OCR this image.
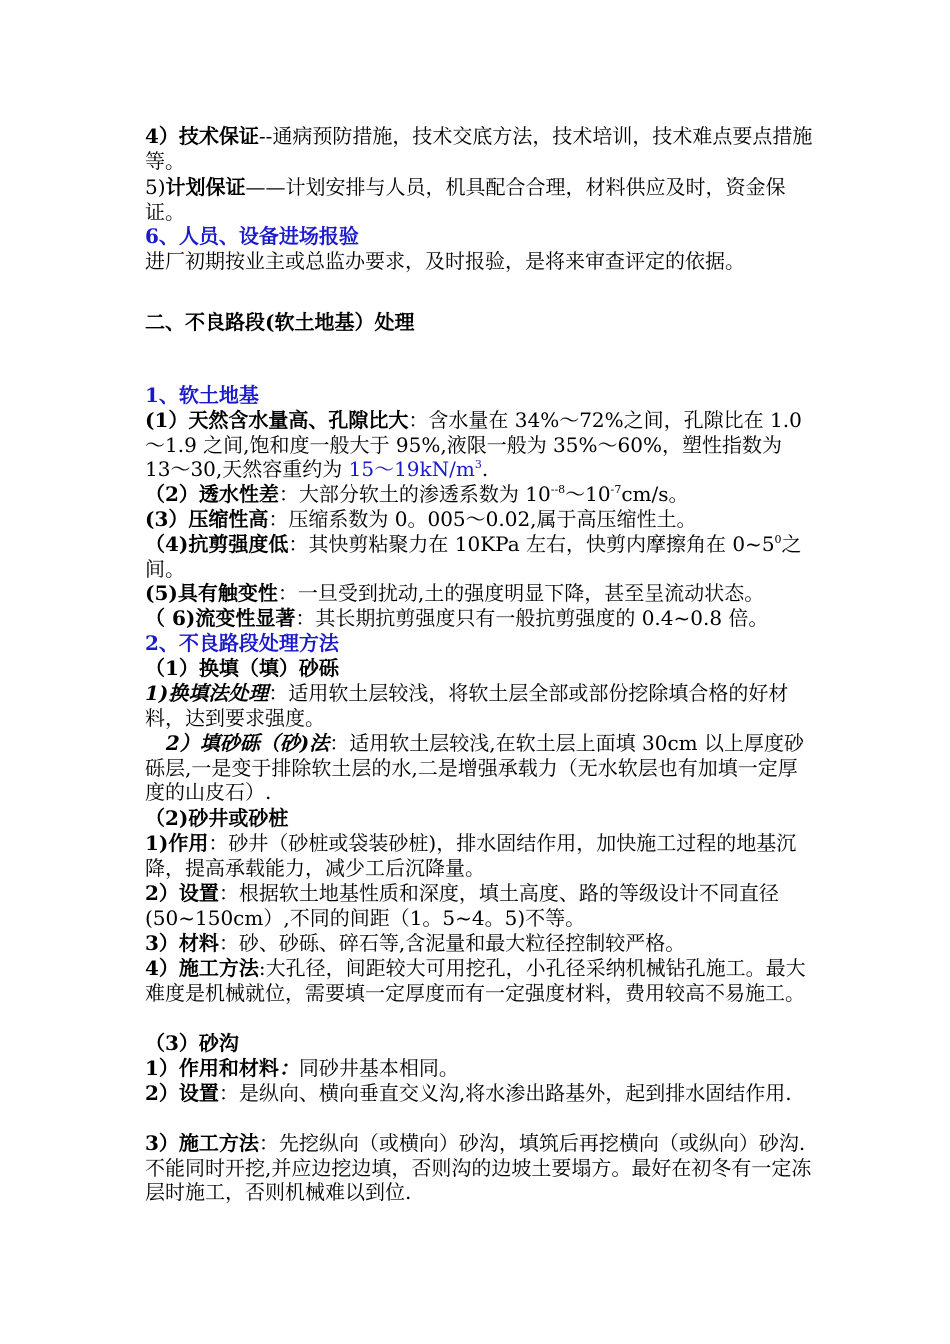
4）技术保证--通病预防措施，技术交底方法，技术培训，技术难点要点措施等。
5)计划保证——计划安排与人员，机具配合合理，材料供应及时，资金保证。
6、人员、设备进场报验
进厂初期按业主或总监办要求，及时报验，是将来审查评定的依据。
二、不良路段(软土地基）处理
1、软土地基
(1）天然含水量高、孔隙比大：含水量在 34%～72%之间，孔隙比在 1.0～1.9 之间,饱和度一般大于 95%,液限一般为 35%～60%，塑性指数为 13～30,天然容重约为 $15\sim 19kN/m^3$.
（2）透水性差：大部分软土的渗透系数为 $10^{--8}\sim 10^{-7}cm/s$。
(3）压缩性高：压缩系数为 0。005～0.02,属于高压缩性土。
（4)抗剪强度低：其快剪粘聚力在 10KPa 左右，快剪内摩擦角在 $0\sim 5^0$之间。
(5)具有触变性：一旦受到扰动,土的强度明显下降，甚至呈流动状态。
（ 6)流变性显著：其长期抗剪强度只有一般抗剪强度的 0.4~0.8 倍。
2、不良路段处理方法
（1）换填（填）砂砾
1)换填法处理：适用软土层较浅，将软土层全部或部份挖除填合格的好材料，达到要求强度。
2）填砂砾（砂)法：适用软土层较浅,在软土层上面填 30cm 以上厚度砂砾层,一是变于排除软土层的水,二是增强承载力（无水软层也有加填一定厚度的山皮石）.
（2)砂井或砂桩
1)作用：砂井（砂桩或袋装砂桩)，排水固结作用，加快施工过程的地基沉降，提高承载能力，减少工后沉降量。
2）设置：根据软土地基性质和深度，填土高度、路的等级设计不同直径(50~150cm）,不同的间距（1。5~4。5)不等。
3）材料：砂、砂砾、碎石等,含泥量和最大粒径控制较严格。
4）施工方法:大孔径，间距较大可用挖孔，小孔径采纳机械钻孔施工。最大难度是机械就位，需要填一定厚度而有一定强度材料，费用较高不易施工。
（3）砂沟
1）作用和材料：同砂井基本相同。
2）设置：是纵向、横向垂直交义沟,将水渗出路基外，起到排水固结作用.
3）施工方法：先挖纵向（或横向）砂沟，填筑后再挖横向（或纵向）砂沟.不能同时开挖,并应边挖边填，否则沟的边坡土要塌方。最好在初冬有一定冻层时施工，否则机械难以到位.
